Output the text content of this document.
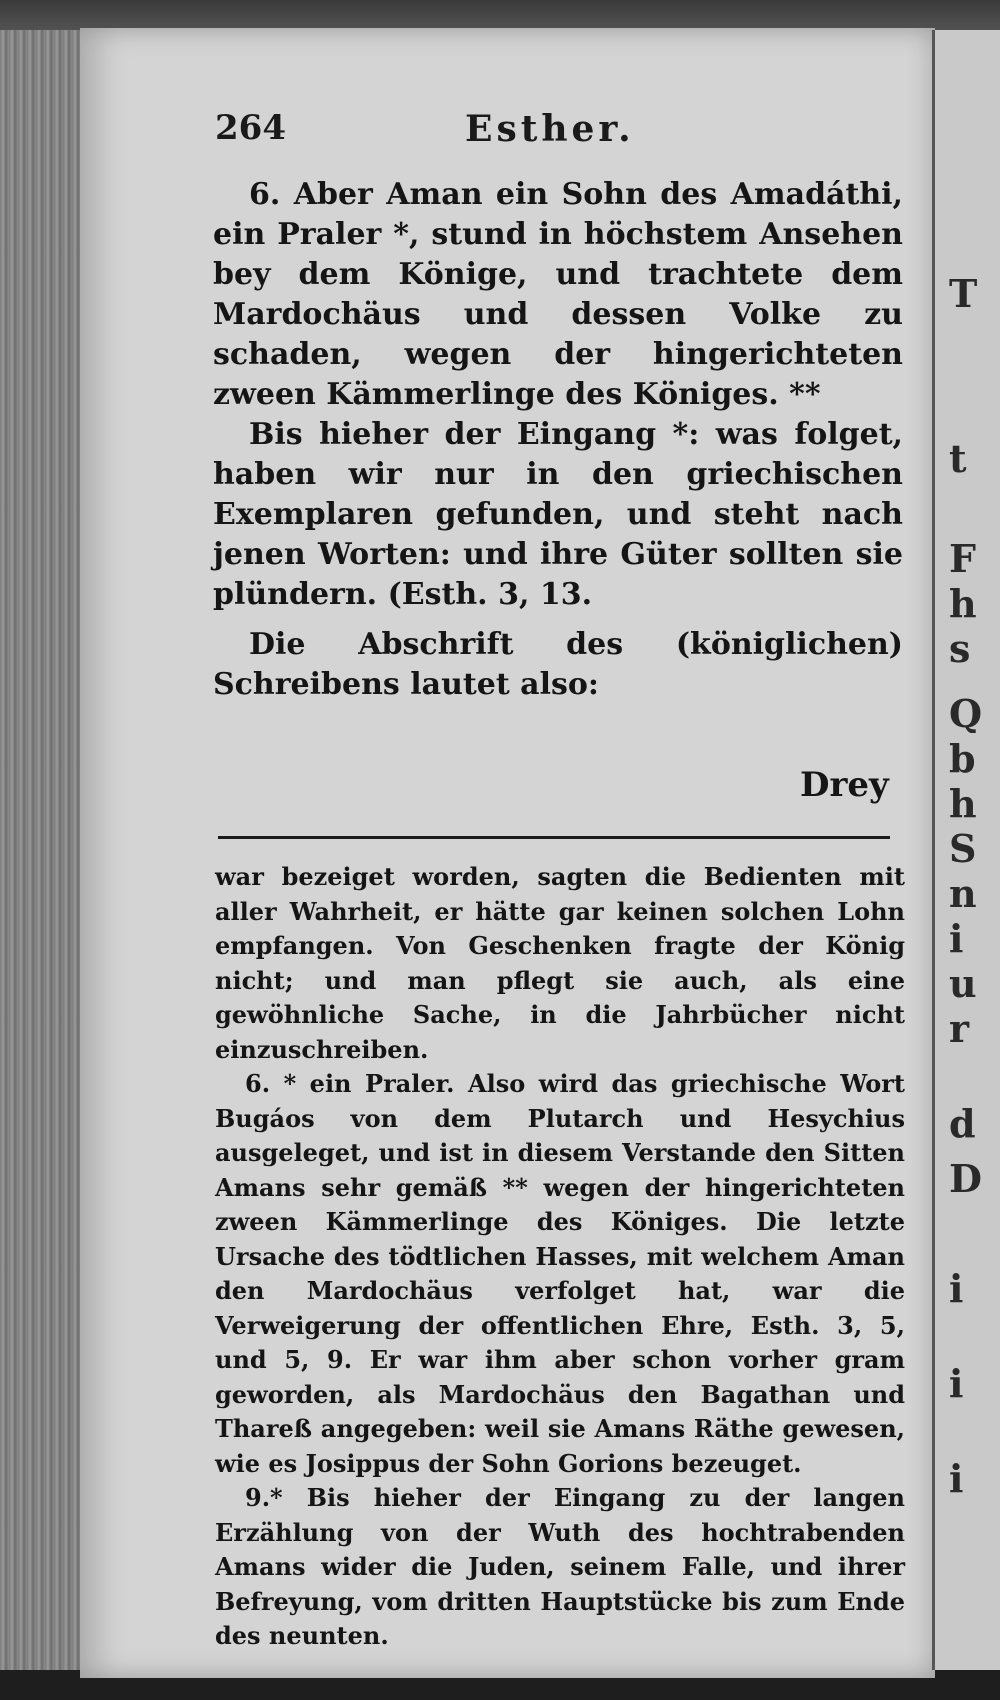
T
t
F
h
s
Q
b
h
S
n
i
u
r
d
D
i
i
i
264	Esther.

6. Aber Aman ein Sohn des Amadáthi, ein Praler *, stund in höchstem Ansehen bey dem Könige, und trachtete dem Mardochäus und dessen Volke zu schaden, wegen der hingerichteten zween Kämmerlinge des Königes. **

Bis hieher der Eingang *: was folget, haben wir nur in den griechischen Exemplaren gefunden, und steht nach jenen Worten: und ihre Güter sollten sie plündern. (Esth. 3, 13.

Die Abschrift des (königlichen) Schreibens lautet also:

Drey

war bezeiget worden, sagten die Bedienten mit aller Wahrheit, er hätte gar keinen solchen Lohn empfangen. Von Geschenken fragte der König nicht; und man pflegt sie auch, als eine gewöhnliche Sache, in die Jahrbücher nicht einzuschreiben.

6. * ein Praler. Also wird das griechische Wort Bugáos von dem Plutarch und Hesychius ausgeleget, und ist in diesem Verstande den Sitten Amans sehr gemäß ** wegen der hingerichteten zween Kämmerlinge des Königes. Die letzte Ursache des tödtlichen Hasses, mit welchem Aman den Mardochäus verfolget hat, war die Verweigerung der offentlichen Ehre, Esth. 3, 5, und 5, 9. Er war ihm aber schon vorher gram geworden, als Mardochäus den Bagathan und Thareß angegeben: weil sie Amans Räthe gewesen, wie es Josippus der Sohn Gorions bezeuget.

9.* Bis hieher der Eingang zu der langen Erzählung von der Wuth des hochtrabenden Amans wider die Juden, seinem Falle, und ihrer Befreyung, vom dritten Hauptstücke bis zum Ende des neunten.
